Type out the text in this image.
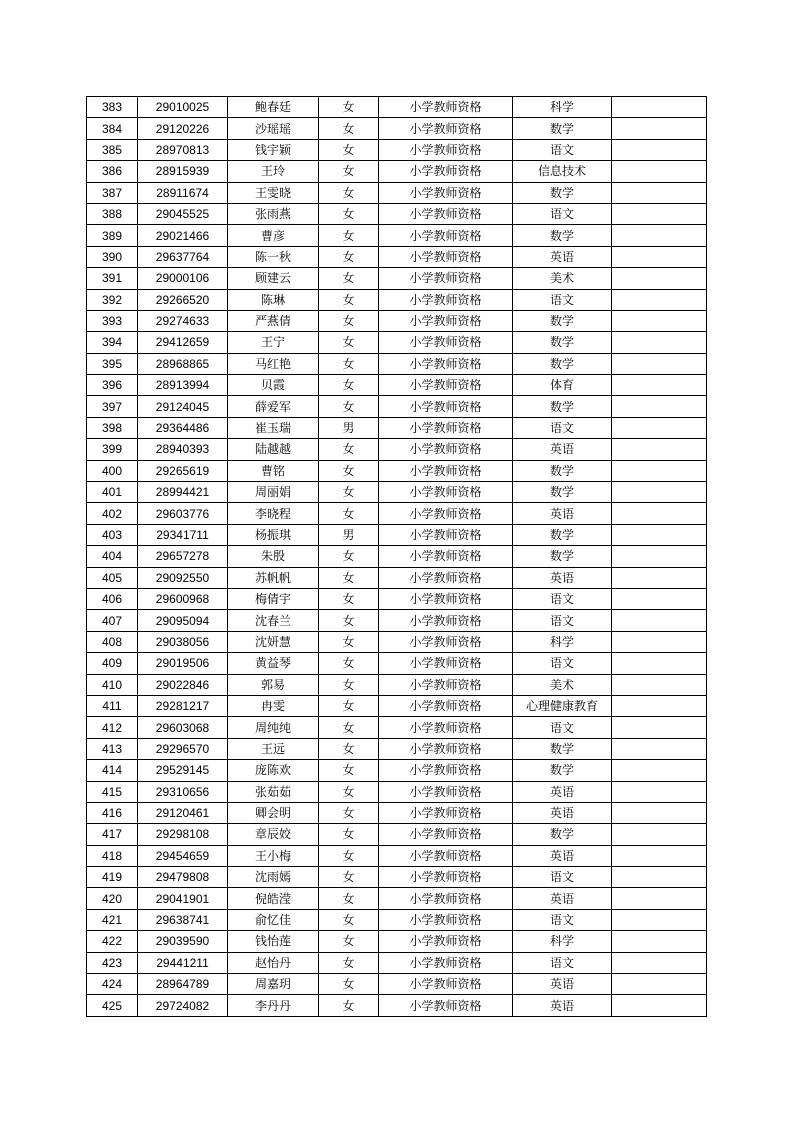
383	29010025	鲍春廷	女	小学教师资格	科学	
384	29120226	沙瑶瑶	女	小学教师资格	数学	
385	28970813	钱宇颖	女	小学教师资格	语文	
386	28915939	王玲	女	小学教师资格	信息技术	
387	28911674	王雯晓	女	小学教师资格	数学	
388	29045525	张雨燕	女	小学教师资格	语文	
389	29021466	曹彦	女	小学教师资格	数学	
390	29637764	陈一秋	女	小学教师资格	英语	
391	29000106	顾建云	女	小学教师资格	美术	
392	29266520	陈琳	女	小学教师资格	语文	
393	29274633	严燕倩	女	小学教师资格	数学	
394	29412659	王宁	女	小学教师资格	数学	
395	28968865	马红艳	女	小学教师资格	数学	
396	28913994	贝霞	女	小学教师资格	体育	
397	29124045	薛爱军	女	小学教师资格	数学	
398	29364486	崔玉瑞	男	小学教师资格	语文	
399	28940393	陆越越	女	小学教师资格	英语	
400	29265619	曹铭	女	小学教师资格	数学	
401	28994421	周丽娟	女	小学教师资格	数学	
402	29603776	李晓程	女	小学教师资格	英语	
403	29341711	杨振琪	男	小学教师资格	数学	
404	29657278	朱殷	女	小学教师资格	数学	
405	29092550	苏帆帆	女	小学教师资格	英语	
406	29600968	梅倩宇	女	小学教师资格	语文	
407	29095094	沈春兰	女	小学教师资格	语文	
408	29038056	沈妍慧	女	小学教师资格	科学	
409	29019506	黄益琴	女	小学教师资格	语文	
410	29022846	郭易	女	小学教师资格	美术	
411	29281217	冉雯	女	小学教师资格	心理健康教育	
412	29603068	周纯纯	女	小学教师资格	语文	
413	29296570	王远	女	小学教师资格	数学	
414	29529145	庞陈欢	女	小学教师资格	数学	
415	29310656	张茹茹	女	小学教师资格	英语	
416	29120461	卿会明	女	小学教师资格	英语	
417	29298108	章辰姣	女	小学教师资格	数学	
418	29454659	王小梅	女	小学教师资格	英语	
419	29479808	沈雨嫣	女	小学教师资格	语文	
420	29041901	倪皓滢	女	小学教师资格	英语	
421	29638741	俞忆佳	女	小学教师资格	语文	
422	29039590	钱怡莲	女	小学教师资格	科学	
423	29441211	赵怡丹	女	小学教师资格	语文	
424	28964789	周嘉玥	女	小学教师资格	英语	
425	29724082	李丹丹	女	小学教师资格	英语	
